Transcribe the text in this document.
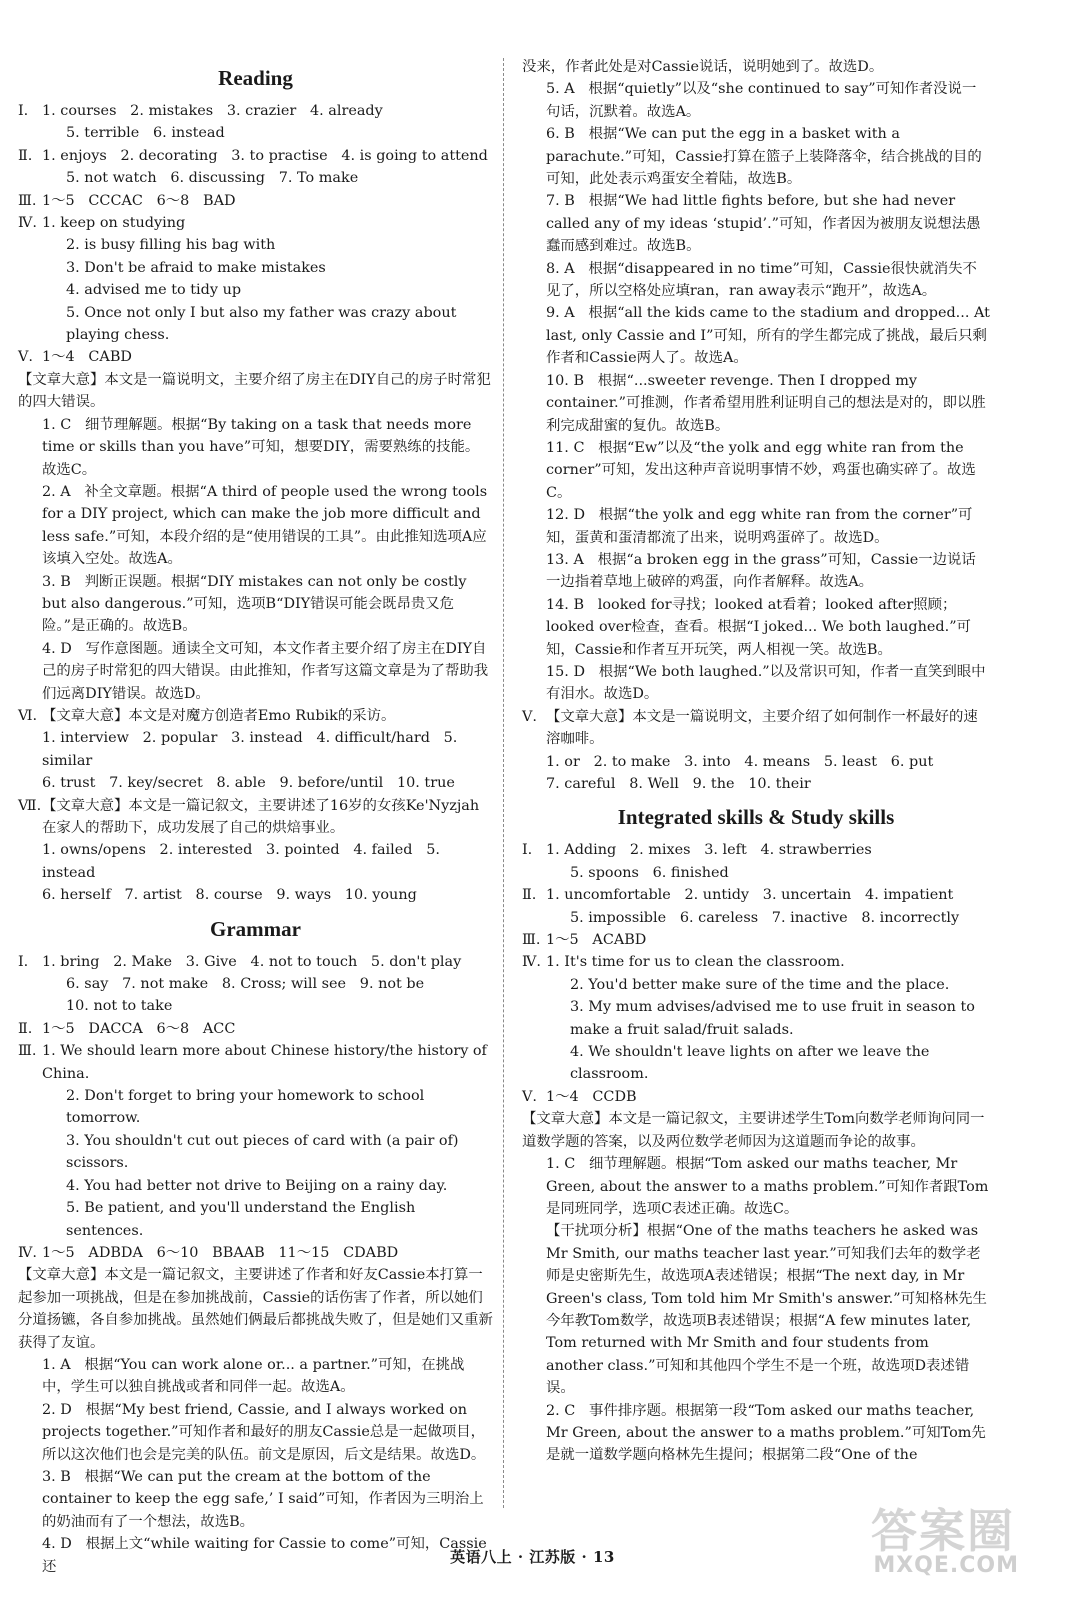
Reading
Ⅰ. 1. courses   2. mistakes   3. crazier   4. already
5. terrible   6. instead
Ⅱ. 1. enjoys   2. decorating   3. to practise   4. is going to attend
5. not watch   6. discussing   7. To make
Ⅲ. 1～5   CCCAC   6～8   BAD
Ⅳ. 1. keep on studying
2. is busy filling his bag with
3. Don't be afraid to make mistakes
4. advised me to tidy up
5. Once not only I but also my father was crazy about playing chess.
Ⅴ. 1～4   CABD
【文章大意】本文是一篇说明文，主要介绍了房主在DIY自己的房子时常犯的四大错误。
1. C   细节理解题。根据“By taking on a task that needs more time or skills than you have”可知，想要DIY，需要熟练的技能。故选C。
2. A   补全文章题。根据“A third of people used the wrong tools for a DIY project, which can make the job more difficult and less safe.”可知，本段介绍的是“使用错误的工具”。由此推知选项A应该填入空处。故选A。
3. B   判断正误题。根据“DIY mistakes can not only be costly but also dangerous.”可知，选项B“DIY错误可能会既昂贵又危险。”是正确的。故选B。
4. D   写作意图题。通读全文可知，本文作者主要介绍了房主在DIY自己的房子时常犯的四大错误。由此推知，作者写这篇文章是为了帮助我们远离DIY错误。故选D。
Ⅵ. 【文章大意】本文是对魔方创造者Emo Rubik的采访。
1. interview   2. popular   3. instead   4. difficult/hard   5. similar
6. trust   7. key/secret   8. able   9. before/until   10. true
Ⅶ. 【文章大意】本文是一篇记叙文，主要讲述了16岁的女孩Ke'Nyzjah在家人的帮助下，成功发展了自己的烘焙事业。
1. owns/opens   2. interested   3. pointed   4. failed   5. instead
6. herself   7. artist   8. course   9. ways   10. young
Grammar
Ⅰ. 1. bring   2. Make   3. Give   4. not to touch   5. don't play
6. say   7. not make   8. Cross; will see   9. not be
10. not to take
Ⅱ. 1～5   DACCA   6～8   ACC
Ⅲ. 1. We should learn more about Chinese history/the history of China.
2. Don't forget to bring your homework to school tomorrow.
3. You shouldn't cut out pieces of card with (a pair of) scissors.
4. You had better not drive to Beijing on a rainy day.
5. Be patient, and you'll understand the English sentences.
Ⅳ. 1～5   ADBDA   6～10   BBAAB   11～15   CDABD
【文章大意】本文是一篇记叙文，主要讲述了作者和好友Cassie本打算一起参加一项挑战，但是在参加挑战前，Cassie的话伤害了作者，所以她们分道扬镳，各自参加挑战。虽然她们俩最后都挑战失败了，但是她们又重新获得了友谊。
1. A   根据“You can work alone or... a partner.”可知，在挑战中，学生可以独自挑战或者和同伴一起。故选A。
2. D   根据“My best friend, Cassie, and I always worked on projects together.”可知作者和最好的朋友Cassie总是一起做项目，所以这次他们也会是完美的队伍。前文是原因，后文是结果。故选D。
3. B   根据“We can put the cream at the bottom of the container to keep the egg safe,’ I said”可知，作者因为三明治上的奶油而有了一个想法，故选B。
4. D   根据上文“while waiting for Cassie to come”可知，Cassie还
没来，作者此处是对Cassie说话，说明她到了。故选D。
5. A   根据“quietly”以及“she continued to say”可知作者没说一句话，沉默着。故选A。
6. B   根据“We can put the egg in a basket with a parachute.”可知，Cassie打算在篮子上装降落伞，结合挑战的目的可知，此处表示鸡蛋安全着陆，故选B。
7. B   根据“We had little fights before, but she had never called any of my ideas ‘stupid’.”可知，作者因为被朋友说想法愚蠢而感到难过。故选B。
8. A   根据“disappeared in no time”可知，Cassie很快就消失不见了，所以空格处应填ran，ran away表示“跑开”，故选A。
9. A   根据“all the kids came to the stadium and dropped... At last, only Cassie and I”可知，所有的学生都完成了挑战，最后只剩作者和Cassie两人了。故选A。
10. B   根据“...sweeter revenge. Then I dropped my container.”可推测，作者希望用胜利证明自己的想法是对的，即以胜利完成甜蜜的复仇。故选B。
11. C   根据“Ew”以及“the yolk and egg white ran from the corner”可知，发出这种声音说明事情不妙，鸡蛋也确实碎了。故选C。
12. D   根据“the yolk and egg white ran from the corner”可知，蛋黄和蛋清都流了出来，说明鸡蛋碎了。故选D。
13. A   根据“a broken egg in the grass”可知，Cassie一边说话一边指着草地上破碎的鸡蛋，向作者解释。故选A。
14. B   looked for寻找；looked at看着；looked after照顾；looked over检查，查看。根据“I joked... We both laughed.”可知，Cassie和作者互开玩笑，两人相视一笑。故选B。
15. D   根据“We both laughed.”以及常识可知，作者一直笑到眼中有泪水。故选D。
Ⅴ. 【文章大意】本文是一篇说明文，主要介绍了如何制作一杯最好的速溶咖啡。
1. or   2. to make   3. into   4. means   5. least   6. put
7. careful   8. Well   9. the   10. their
Integrated skills & Study skills
Ⅰ. 1. Adding   2. mixes   3. left   4. strawberries
5. spoons   6. finished
Ⅱ. 1. uncomfortable   2. untidy   3. uncertain   4. impatient
5. impossible   6. careless   7. inactive   8. incorrectly
Ⅲ. 1～5   ACABD
Ⅳ. 1. It's time for us to clean the classroom.
2. You'd better make sure of the time and the place.
3. My mum advises/advised me to use fruit in season to make a fruit salad/fruit salads.
4. We shouldn't leave lights on after we leave the classroom.
Ⅴ. 1～4   CCDB
【文章大意】本文是一篇记叙文，主要讲述学生Tom向数学老师询问同一道数学题的答案，以及两位数学老师因为这道题而争论的故事。
1. C   细节理解题。根据“Tom asked our maths teacher, Mr Green, about the answer to a maths problem.”可知作者跟Tom是同班同学，选项C表述正确。故选C。
【干扰项分析】根据“One of the maths teachers he asked was Mr Smith, our maths teacher last year.”可知我们去年的数学老师是史密斯先生，故选项A表述错误；根据“The next day, in Mr Green's class, Tom told him Mr Smith's answer.”可知格林先生今年教Tom数学，故选项B表述错误；根据“A few minutes later, Tom returned with Mr Smith and four students from another class.”可知和其他四个学生不是一个班，故选项D表述错误。
2. C   事件排序题。根据第一段“Tom asked our maths teacher, Mr Green, about the answer to a maths problem.”可知Tom先是就一道数学题向格林先生提问；根据第二段“One of the
英语八上 · 江苏版 · 13	答案圈
MXQE.COM
